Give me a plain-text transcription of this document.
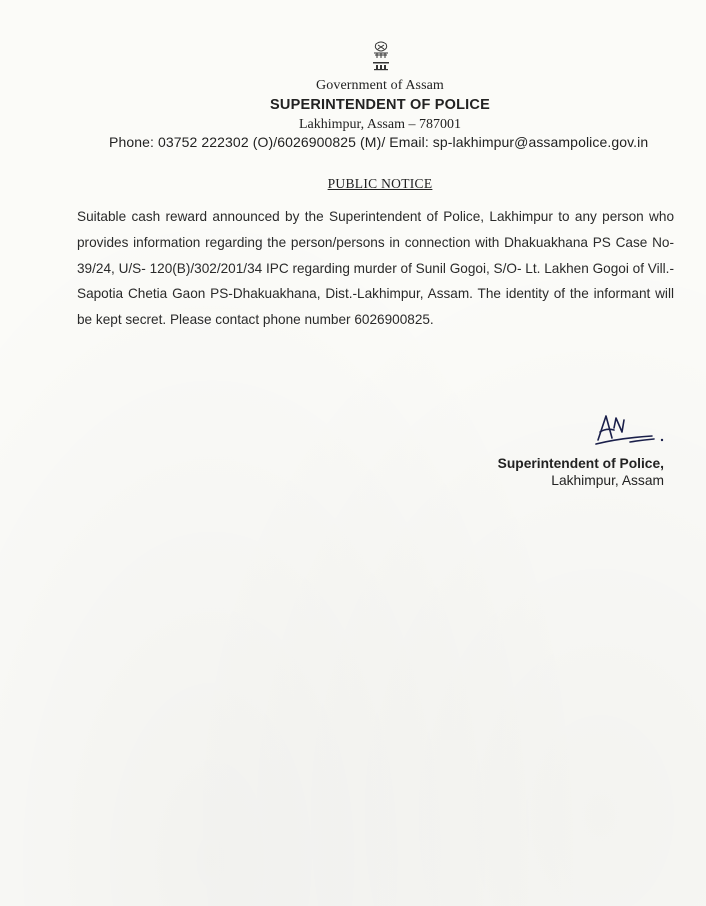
Government of Assam
SUPERINTENDENT OF POLICE
Lakhimpur, Assam – 787001
Phone: 03752 222302 (O)/6026900825 (M)/ Email: sp-lakhimpur@assampolice.gov.in
PUBLIC NOTICE
Suitable cash reward announced by the Superintendent of Police, Lakhimpur to any person who provides information regarding the person/persons in connection with Dhakuakhana PS Case No- 39/24, U/S- 120(B)/302/201/34 IPC regarding murder of Sunil Gogoi, S/O- Lt. Lakhen Gogoi of Vill.- Sapotia Chetia Gaon PS-Dhakuakhana, Dist.-Lakhimpur, Assam. The identity of the informant will be kept secret. Please contact phone number 6026900825.
Superintendent of Police,
Lakhimpur, Assam
